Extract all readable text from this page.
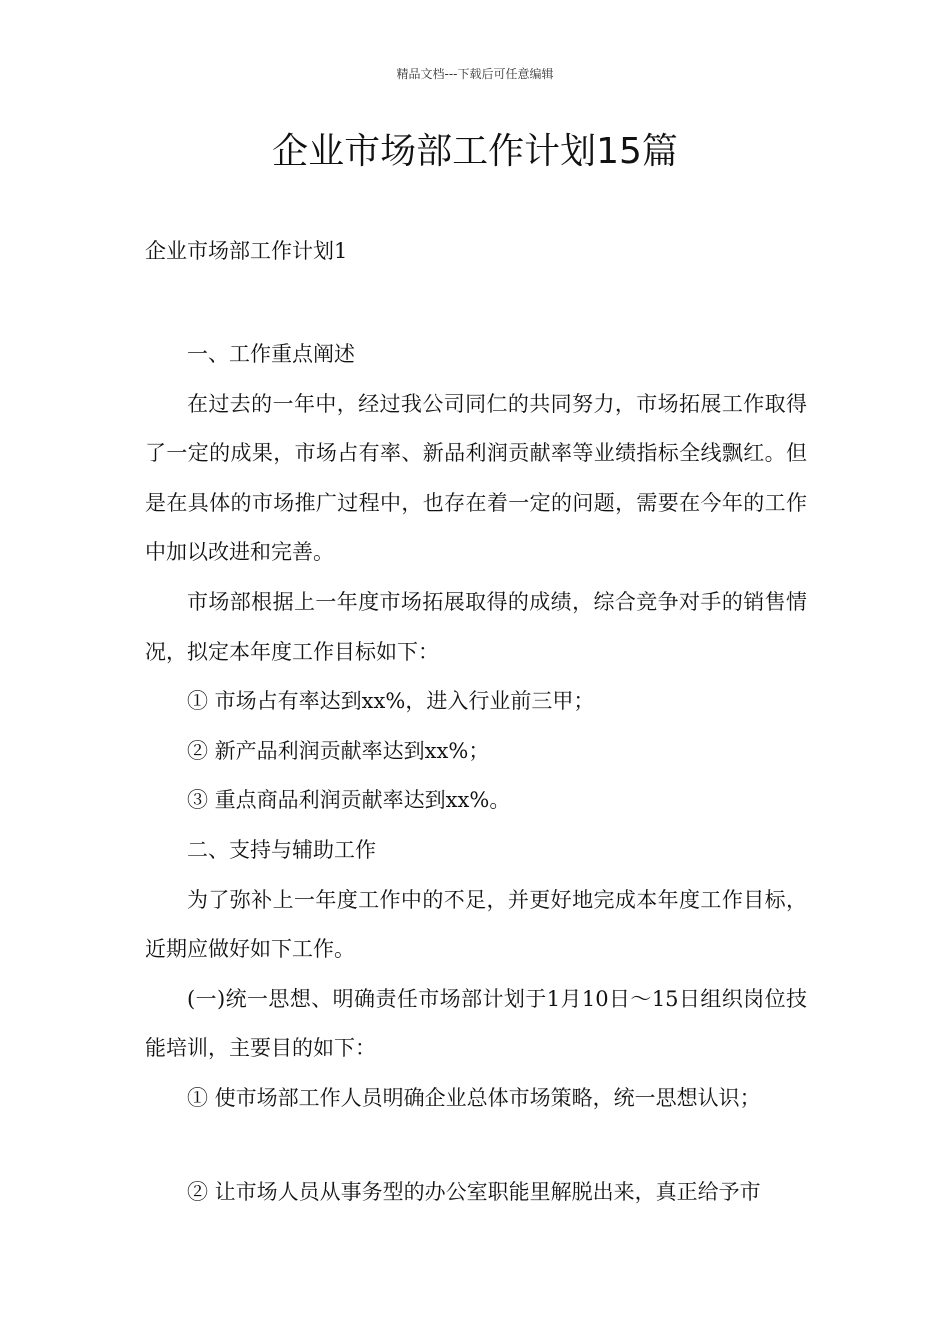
精品文档---下载后可任意编辑
企业市场部工作计划15篇
企业市场部工作计划1

一、工作重点阐述

在过去的一年中，经过我公司同仁的共同努力，市场拓展工作取得了一定的成果，市场占有率、新品利润贡献率等业绩指标全线飘红。但是在具体的市场推广过程中，也存在着一定的问题，需要在今年的工作中加以改进和完善。

市场部根据上一年度市场拓展取得的成绩，综合竞争对手的销售情况，拟定本年度工作目标如下：

① 市场占有率达到xx%，进入行业前三甲；

② 新产品利润贡献率达到xx%；

③ 重点商品利润贡献率达到xx%。

二、支持与辅助工作

为了弥补上一年度工作中的不足，并更好地完成本年度工作目标，近期应做好如下工作。

(一)统一思想、明确责任市场部计划于1月10日～15日组织岗位技能培训，主要目的如下：

① 使市场部工作人员明确企业总体市场策略，统一思想认识；

② 让市场人员从事务型的办公室职能里解脱出来，真正给予市
